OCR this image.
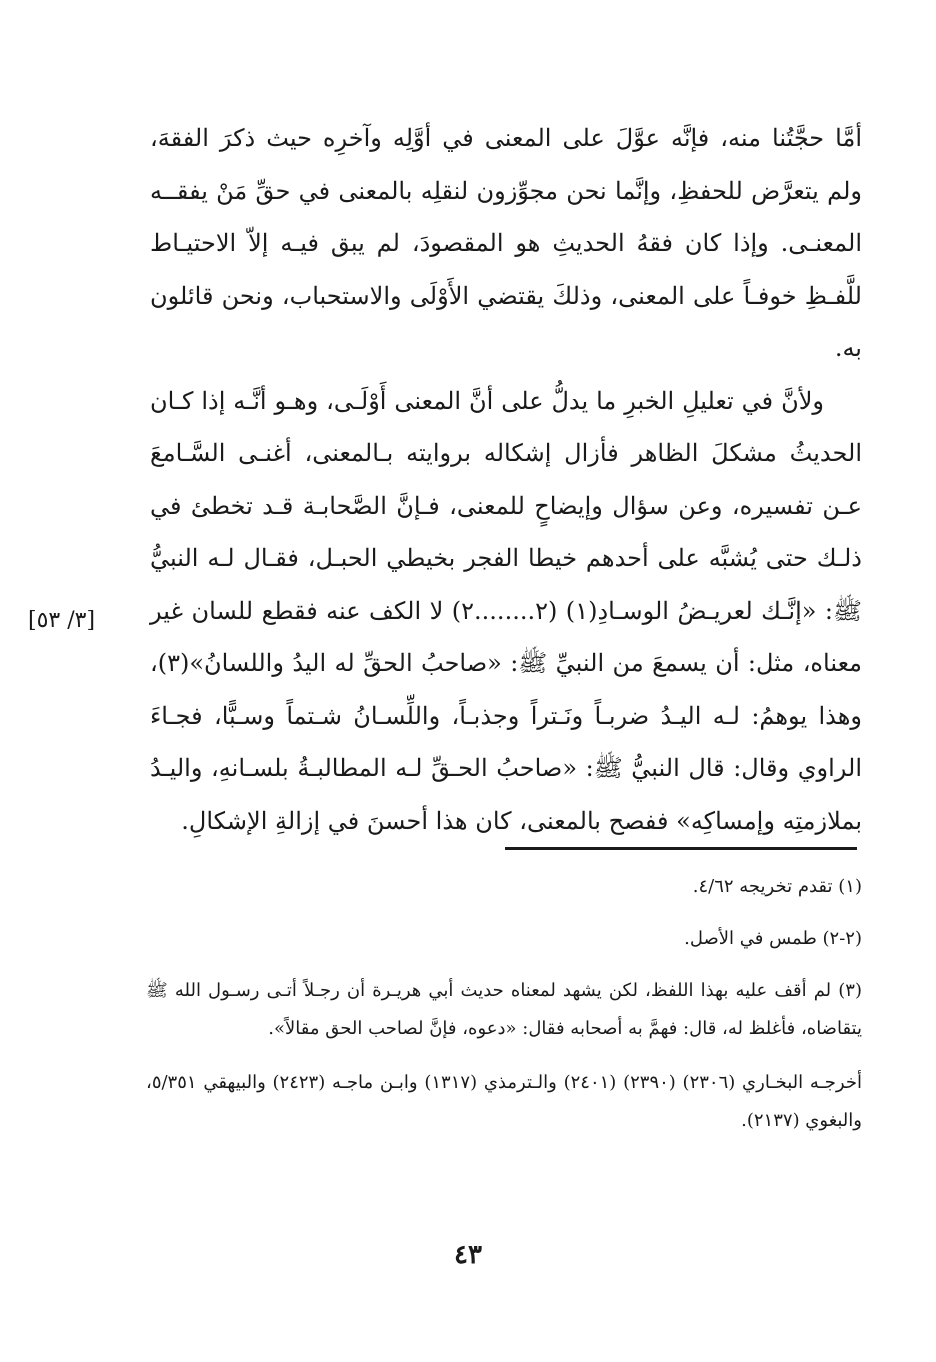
أمَّا حجَّتُنا منه، فإنَّه عوَّلَ على المعنى في أوَّلِه وآخرِه حيث ذكرَ الفقهَ، ولم يتعرَّض للحفظِ، وإنَّما نحن مجوِّزون لنقلِه بالمعنى في حقِّ مَنْ يفقــه المعنـى. وإذا كان فقهُ الحديثِ هو المقصودَ، لم يبق فيـه إلاّ الاحتيـاط للَّفـظِ خوفـاً على المعنى، وذلكَ يقتضي الأَوْلَى والاستحباب، ونحن قائلون به.

ولأنَّ في تعليلِ الخبرِ ما يدلُّ على أنَّ المعنى أَوْلَـى، وهـو أنَّـه إذا كـان الحديثُ مشكلَ الظاهر فأزال إشكاله بروايته بـالمعنى، أغنـى السَّـامعَ عـن تفسيره، وعن سؤال وإيضاحٍ للمعنى، فـإنَّ الصَّحابـة قـد تخطئ في ذلـك حتى يُشبَّه على أحدهم خيطا الفجر بخيطي الحبـل، فقـال لـه النبيُّ ﷺ: «إنَّـك لعريـضُ الوسـادِ(١) (٢........٢) لا الكف عنه فقطع للسان غير معناه، مثل: أن يسمعَ من النبيِّ ﷺ: «صاحبُ الحقِّ له اليدُ واللسانُ»(٣)، وهذا يوهمُ: لـه اليـدُ ضربـاً ونَـتراً وجذبـاً، واللِّسـانُ شـتماً وسـبًّا، فجـاءَ الراوي وقال: قال النبيُّ ﷺ: «صاحبُ الحـقِّ لـه المطالبـةُ بلسـانهِ، واليـدُ بملازمتِه وإمساكِه» ففصح بالمعنى، كان هذا أحسنَ في إزالةِ الإشكالِ.

[٣/ ٥٣]

(١) تقدم تخريجه ٤/٦٢.

(٢-٢) طمس في الأصل.

(٣) لم أقف عليه بهذا اللفظ، لكن يشهد لمعناه حديث أبي هريـرة أن رجـلاً أتـى رسـول الله ﷺ يتقاضاه، فأغلظ له، قال: فهمَّ به أصحابه فقال: «دعوه، فإنَّ لصاحب الحق مقالاً».

أخرجـه البخـاري (٢٣٠٦) (٢٣٩٠) (٢٤٠١) والـترمذي (١٣١٧) وابـن ماجـه (٢٤٢٣) والبيهقي ٥/٣٥١، والبغوي (٢١٣٧).

٤٣
